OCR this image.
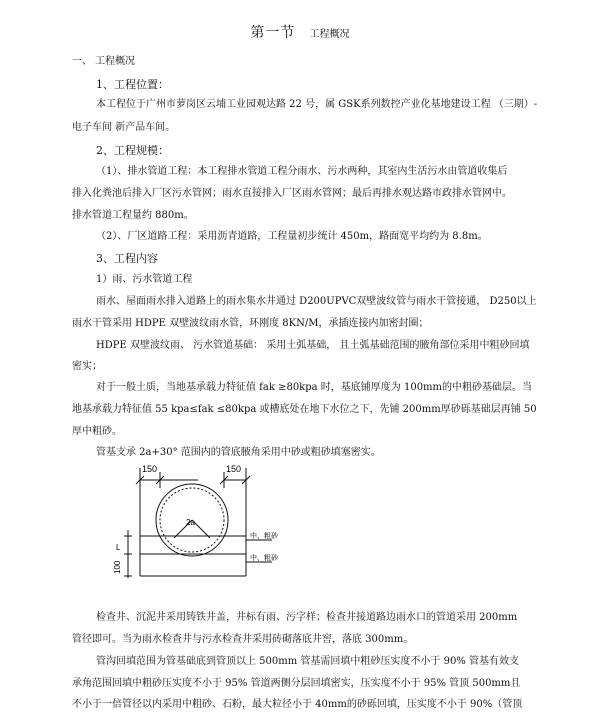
第一节 工程概况
一、 工程概况
1、工程位置：
本工程位于广州市萝岗区云埔工业园观达路 22 号，属 GSK系列数控产业化基地建设工程 （三期）-
电子车间 新产品车间。
2、工程规模：
（1）、排水管道工程：本工程排水管道工程分雨水、污水两种，其室内生活污水由管道收集后
排入化粪池后排入厂区污水管网；雨水直接排入厂区雨水管网；最后再排水观达路市政排水管网中。
排水管道工程量约 880m。
（2）、厂区道路工程：采用沥青道路，工程量初步统计 450m，路面宽平均约为 8.8m。
3、工程内容
1）雨、污水管道工程
雨水、屋面雨水排入道路上的雨水集水井通过 D200UPVC双壁波纹管与雨水干管接通， D250以上
雨水干管采用 HDPE 双壁波纹雨水管，环刚度 8KN/M，承插连接内加密封圈；
HDPE 双壁波纹雨、 污水管道基础： 采用土弧基础， 且土弧基础范围的腋角部位采用中粗砂回填
密实；
对于一般土质，当地基承载力特征值 fak ≥80kpa 时，基底铺厚度为 100mm的中粗砂基础层。当
地基承载力特征值 55 kpa≤fak ≤80kpa 或槽底处在地下水位之下，先铺 200mm厚砂砾基础层再铺 50
厚中粗砂。
管基支承 2a+30° 范围内的管底腋角采用中砂或粗砂填塞密实。
150	150
2a
L
100
中、粗砂
中、粗砂
检查井、沉泥井采用铸铁井盖，井标有雨、污字样；检查井接道路边雨水口的管道采用 200mm
管径即可。当为雨水检查井与污水检查井采用砖砌落底井窖，落底 300mm。
管沟回填范围为管基础底到管顶以上 500mm 管基需回填中粗砂压实度不小于 90% 管基有效支
承角范围回填中粗砂压实度不小于 95% 管道两侧分层回填密实，压实度不小于 95% 管顶 500mm且
不小于一倍管径以内采用中粗砂、石粉，最大粒径小于 40mm的砂砾回填，压实度不小于 90%（管顶
